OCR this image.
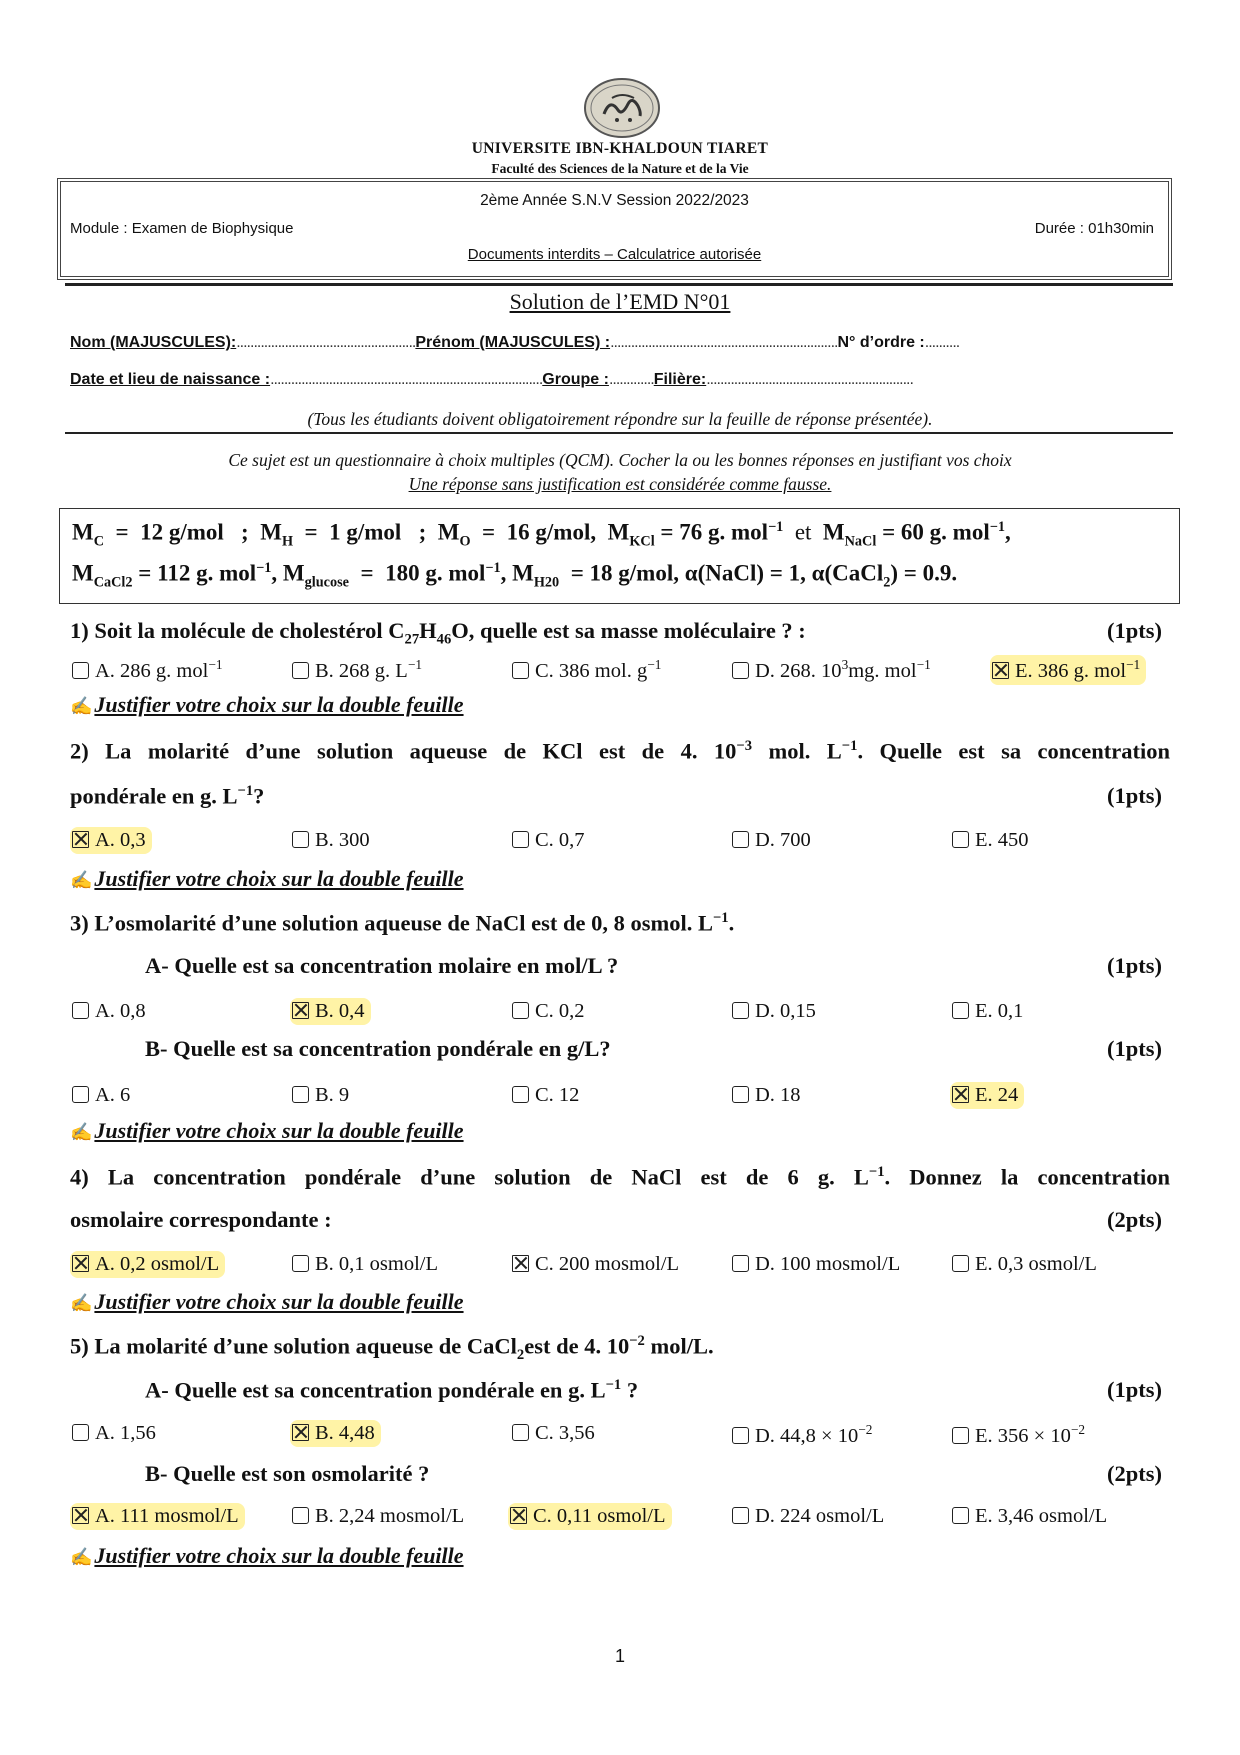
UNIVERSITE IBN-KHALDOUN TIARET
Faculté des Sciences de la Nature et de la Vie
2ème Année S.N.V Session 2022/2023
Module : Examen de Biophysique	Durée : 01h30min
Documents interdits – Calculatrice autorisée
Solution de l’EMD N°01
Nom (MAJUSCULES):....................................................Prénom (MAJUSCULES) :..................................................................N° d’ordre :..........
Date et lieu de naissance :...............................................................................Groupe :.............Filière:............................................................
(Tous les étudiants doivent obligatoirement répondre sur la feuille de réponse présentée).
Ce sujet est un questionnaire à choix multiples (QCM). Cocher la ou les bonnes réponses en justifiant vos choix
Une réponse sans justification est considérée comme fausse.
$M_C = 12$ g/mol   ;  $M_H = 1$ g/mol   ;  $M_O = 16$ g/mol,  $M_{KCl} = 76$ g. mol$^{-1}$ et  $M_{NaCl} = 60$ g. mol$^{-1}$,
$M_{CaCl2} = 112$ g. mol$^{-1}$, $M_{glucose} = 180$ g. mol$^{-1}$, $M_{H20} = 18$ g/mol, α(NaCl) = 1, α(CaCl$_2$) = 0.9.
1) Soit la molécule de cholestérol $C_{27}H_{46}O$, quelle est sa masse moléculaire ? :	(1pts)
A. 286 g. mol$^{-1}$	B. 268 g. $L^{-1}$	C. 386 mol. $g^{-1}$	D. 268. $10^3mg$. mol$^{-1}$	E. 386 g. mol$^{-1}$
✍Justifier votre choix sur la double feuille
2) La molarité d’une solution aqueuse de KCl est de 4. $10^{-3}$ mol. $L^{-1}$. Quelle est sa concentration
pondérale en g. $L^{-1}$?	(1pts)
A. 0,3	B. 300	C. 0,7	D. 700	E. 450
✍Justifier votre choix sur la double feuille
3) L’osmolarité d’une solution aqueuse de NaCl est de 0, 8 osmol. $L^{-1}$.
A- Quelle est sa concentration molaire en mol/L ?	(1pts)
A. 0,8	B. 0,4	C. 0,2	D. 0,15	E. 0,1
B- Quelle est sa concentration pondérale en g/L?	(1pts)
A. 6	B. 9	C. 12	D. 18	E. 24
✍Justifier votre choix sur la double feuille
4) La concentration pondérale d’une solution de NaCl est de 6 g. $L^{-1}$. Donnez la concentration
osmolaire correspondante :	(2pts)
A. 0,2 osmol/L	B. 0,1 osmol/L	C. 200 mosmol/L	D. 100 mosmol/L	E. 0,3 osmol/L
✍Justifier votre choix sur la double feuille
5) La molarité d’une solution aqueuse de CaCl$_2$est de 4. $10^{-2}$ mol/L.
A- Quelle est sa concentration pondérale en g. $L^{-1}$ ?	(1pts)
A. 1,56	B. 4,48	C. 3,56	D. $44,8 \times 10^{-2}$	E. $356 \times 10^{-2}$
B- Quelle est son osmolarité ?	(2pts)
A. 111 mosmol/L	B. 2,24 mosmol/L	C. 0,11 osmol/L	D. 224 osmol/L	E. 3,46 osmol/L
✍Justifier votre choix sur la double feuille
1
